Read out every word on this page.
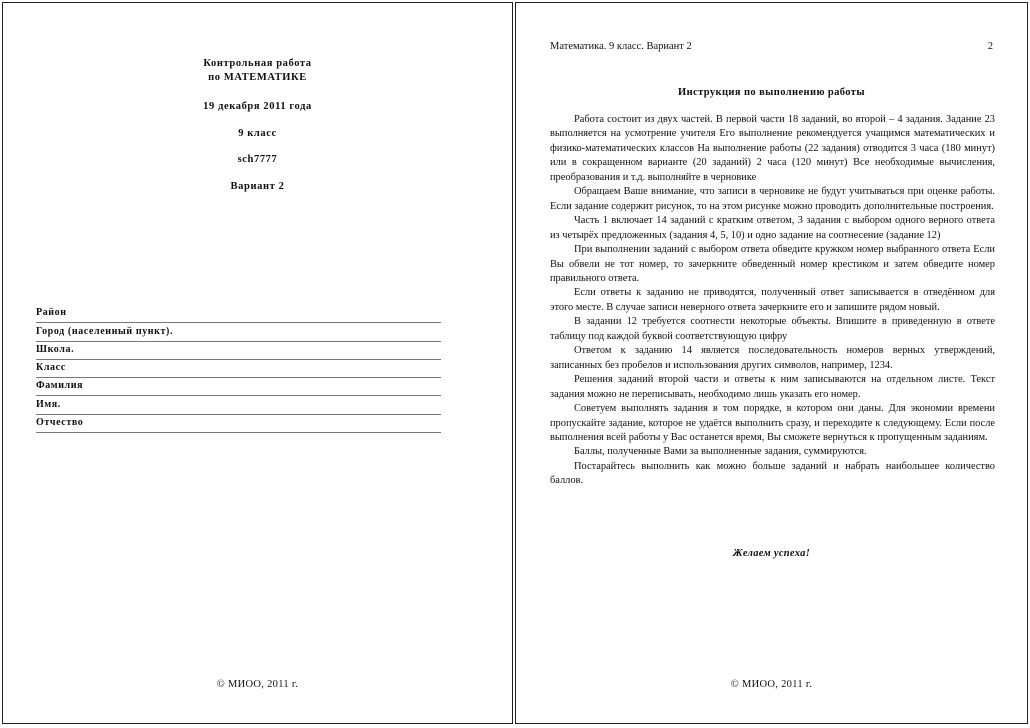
Контрольная работа
по МАТЕМАТИКЕ
19 декабря 2011 года
9 класс
sch7777
Вариант 2
Район
Город (населенный пункт).
Школа.
Класс
Фамилия
Имя.
Отчество
© МИОО, 2011 г.
Математика. 9 класс. Вариант 2	2
Инструкция по выполнению работы

Работа состоит из двух частей. В первой части 18 заданий, во второй – 4 задания. Задание 23 выполняется на усмотрение учителя Его выполнение рекомендуется учащимся математических и физико-математических классов На выполнение работы (22 задания) отводится 3 часа (180 минут) или в сокращенном варианте (20 заданий) 2 часа (120 минут) Все необходимые вычисления, преобразования и т.д. выполняйте в черновике

Обращаем Ваше внимание, что записи в черновике не будут учитываться при оценке работы. Если задание содержит рисунок, то на этом рисунке можно проводить дополнительные построения.

Часть 1 включает 14 заданий с кратким ответом, 3 задания с выбором одного верного ответа из четырёх предложенных (задания 4, 5, 10) и одно задание на соотнесение (задание 12)

При выполнении заданий с выбором ответа обведите кружком номер выбранного ответа Если Вы обвели не тот номер, то зачеркните обведенный номер крестиком и затем обведите номер правильного ответа.

Если ответы к заданию не приводятся, полученный ответ записывается в отведённом для этого месте. В случае записи неверного ответа зачеркните его и запишите рядом новый.

В задании 12 требуется соотнести некоторые объекты. Впишите в приведенную в ответе таблицу под каждой буквой соответствующую цифру

Ответом к заданию 14 является последовательность номеров верных утверждений, записанных без пробелов и использования других символов, например, 1234.

Решения заданий второй части и ответы к ним записываются на отдельном листе. Текст задания можно не переписывать, необходимо лишь указать его номер.

Советуем выполнять задания в том порядке, в котором они даны. Для экономии времени пропускайте задание, которое не удаётся выполнить сразу, и переходите к следующему. Если после выполнения всей работы у Вас останется время, Вы сможете вернуться к пропущенным заданиям.

Баллы, полученные Вами за выполненные задания, суммируются.

Постарайтесь выполнить как можно больше заданий и набрать наибольшее количество баллов.

Желаем успеха!
© МИОО, 2011 г.
